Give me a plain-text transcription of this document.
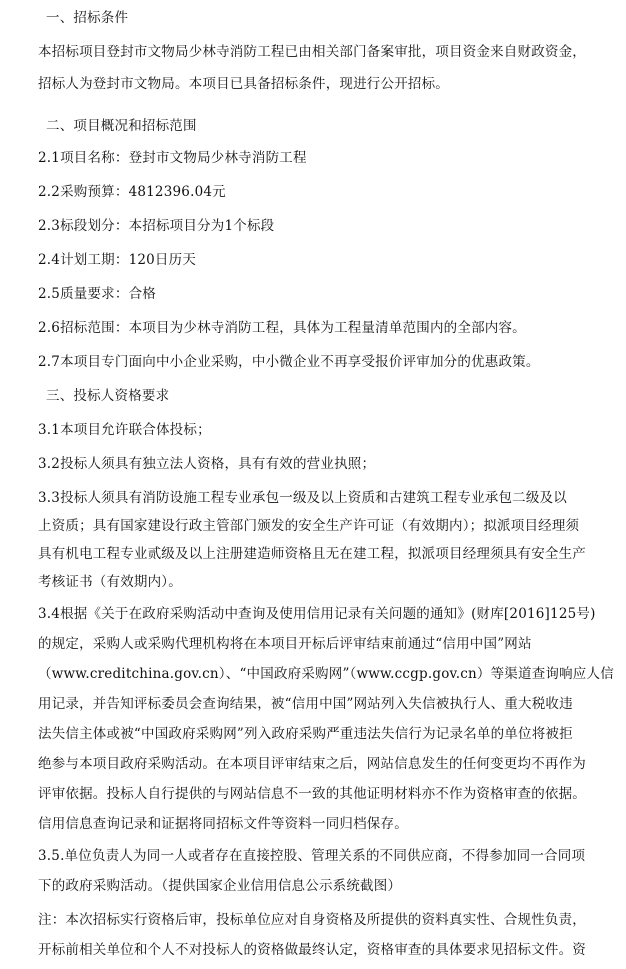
一、招标条件
本招标项目登封市文物局少林寺消防工程已由相关部门备案审批，项目资金来自财政资金，
招标人为登封市文物局。本项目已具备招标条件，现进行公开招标。
二、项目概况和招标范围
2.1项目名称：登封市文物局少林寺消防工程
2.2采购预算：4812396.04元
2.3标段划分：本招标项目分为1个标段
2.4计划工期：120日历天
2.5质量要求：合格
2.6招标范围：本项目为少林寺消防工程，具体为工程量清单范围内的全部内容。
2.7本项目专门面向中小企业采购，中小微企业不再享受报价评审加分的优惠政策。
三、投标人资格要求
3.1本项目允许联合体投标；
3.2投标人须具有独立法人资格，具有有效的营业执照；
3.3投标人须具有消防设施工程专业承包一级及以上资质和古建筑工程专业承包二级及以
上资质；具有国家建设行政主管部门颁发的安全生产许可证（有效期内）；拟派项目经理须
具有机电工程专业贰级及以上注册建造师资格且无在建工程，拟派项目经理须具有安全生产
考核证书（有效期内）。
3.4根据《关于在政府采购活动中查询及使用信用记录有关问题的通知》(财库[2016]125号)
的规定，采购人或采购代理机构将在本项目开标后评审结束前通过“信用中国”网站
（www.creditchina.gov.cn）、“中国政府采购网”（www.ccgp.gov.cn）等渠道查询响应人信
用记录，并告知评标委员会查询结果，被“信用中国”网站列入失信被执行人、重大税收违
法失信主体或被“中国政府采购网”列入政府采购严重违法失信行为记录名单的单位将被拒
绝参与本项目政府采购活动。在本项目评审结束之后，网站信息发生的任何变更均不再作为
评审依据。投标人自行提供的与网站信息不一致的其他证明材料亦不作为资格审查的依据。
信用信息查询记录和证据将同招标文件等资料一同归档保存。
3.5.单位负责人为同一人或者存在直接控股、管理关系的不同供应商，不得参加同一合同项
下的政府采购活动。（提供国家企业信用信息公示系统截图）
注：本次招标实行资格后审，投标单位应对自身资格及所提供的资料真实性、合规性负责，
开标前相关单位和个人不对投标人的资格做最终认定，资格审查的具体要求见招标文件。资
